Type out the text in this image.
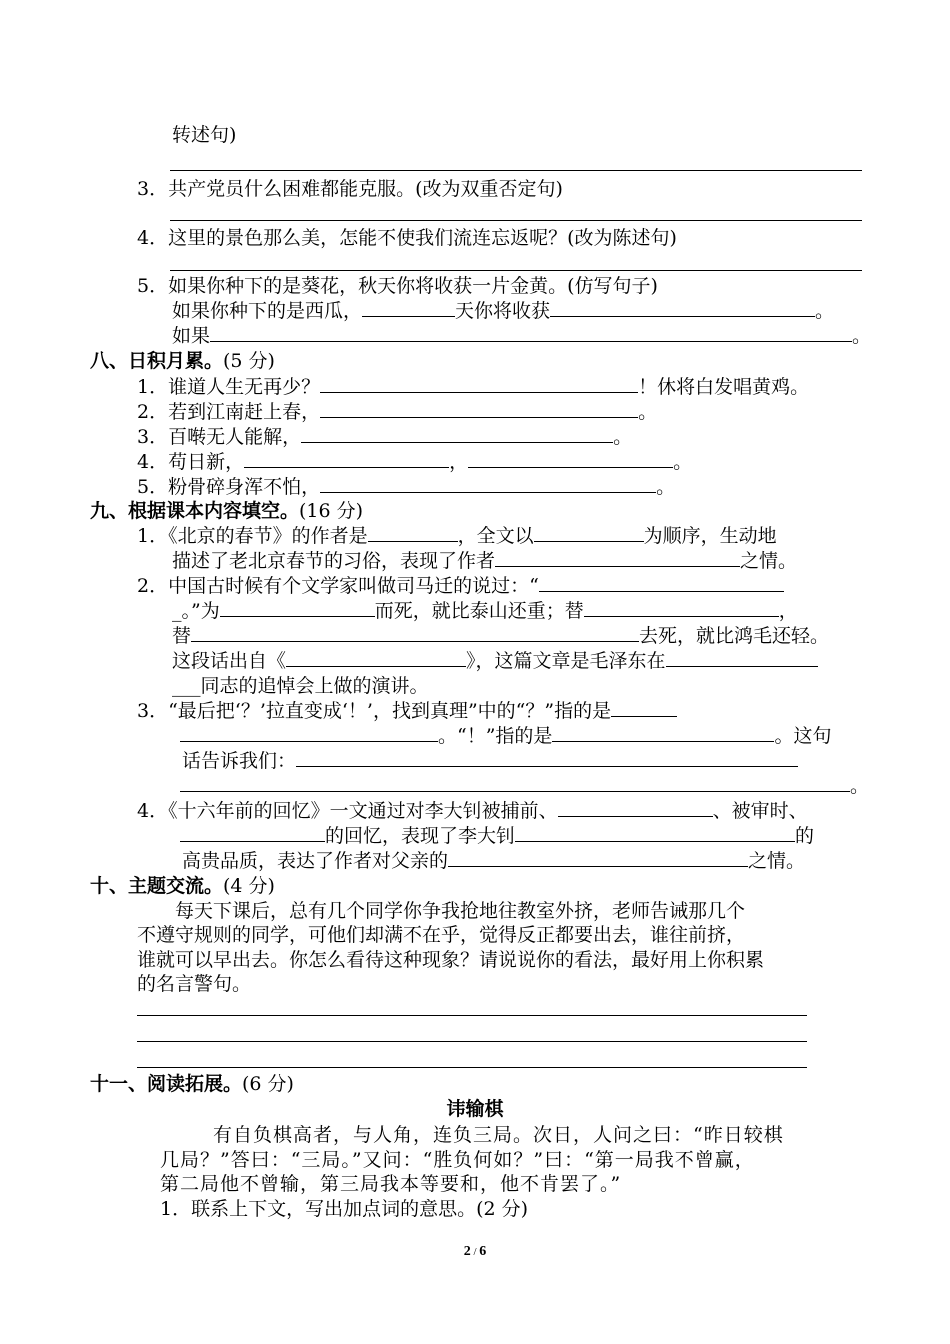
转述句)
3．共产党员什么困难都能克服。(改为双重否定句)
4．这里的景色那么美，怎能不使我们流连忘返呢？(改为陈述句)
5．如果你种下的是葵花，秋天你将收获一片金黄。(仿写句子)
如果你种下的是西瓜，	天你将收获	。
如果	。
八、日积月累。(5 分)
1．谁道人生无再少？	！休将白发唱黄鸡。
2．若到江南赶上春，	。
3．百啭无人能解，	。
4．苟日新，	，	。
5．粉骨碎身浑不怕，	。
九、根据课本内容填空。(16 分)
1．《北京的春节》的作者是	，全文以	为顺序，生动地
描述了老北京春节的习俗，表现了作者	之情。
2．中国古时候有个文学家叫做司马迁的说过：“
_。”为	而死，就比泰山还重；替	，
替	去死，就比鸿毛还轻。
这段话出自《	》，这篇文章是毛泽东在
___同志的追悼会上做的演讲。
3．“最后把‘？’拉直变成‘！’，找到真理”中的“？”指的是
。“！”指的是	。这句
话告诉我们：
。
4．《十六年前的回忆》一文通过对李大钊被捕前、	、被审时、
的回忆，表现了李大钊	的
高贵品质，表达了作者对父亲的	之情。
十、主题交流。(4 分)
每天下课后，总有几个同学你争我抢地往教室外挤，老师告诫那几个
不遵守规则的同学，可他们却满不在乎，觉得反正都要出去，谁往前挤，
谁就可以早出去。你怎么看待这种现象？请说说你的看法，最好用上你积累
的名言警句。
十一、阅读拓展。(6 分)
讳输棋
有自负棋高者，与人角，连负三局。次日，人问之曰：“昨日较棋
几局？”答曰：“三局。”又问：“胜负何如？”曰：“第一局我不曾赢，
第二局他不曾输，第三局我本等要和，他不肯罢了。”
1．联系上下文，写出加点词的意思。(2 分)
2 / 6
